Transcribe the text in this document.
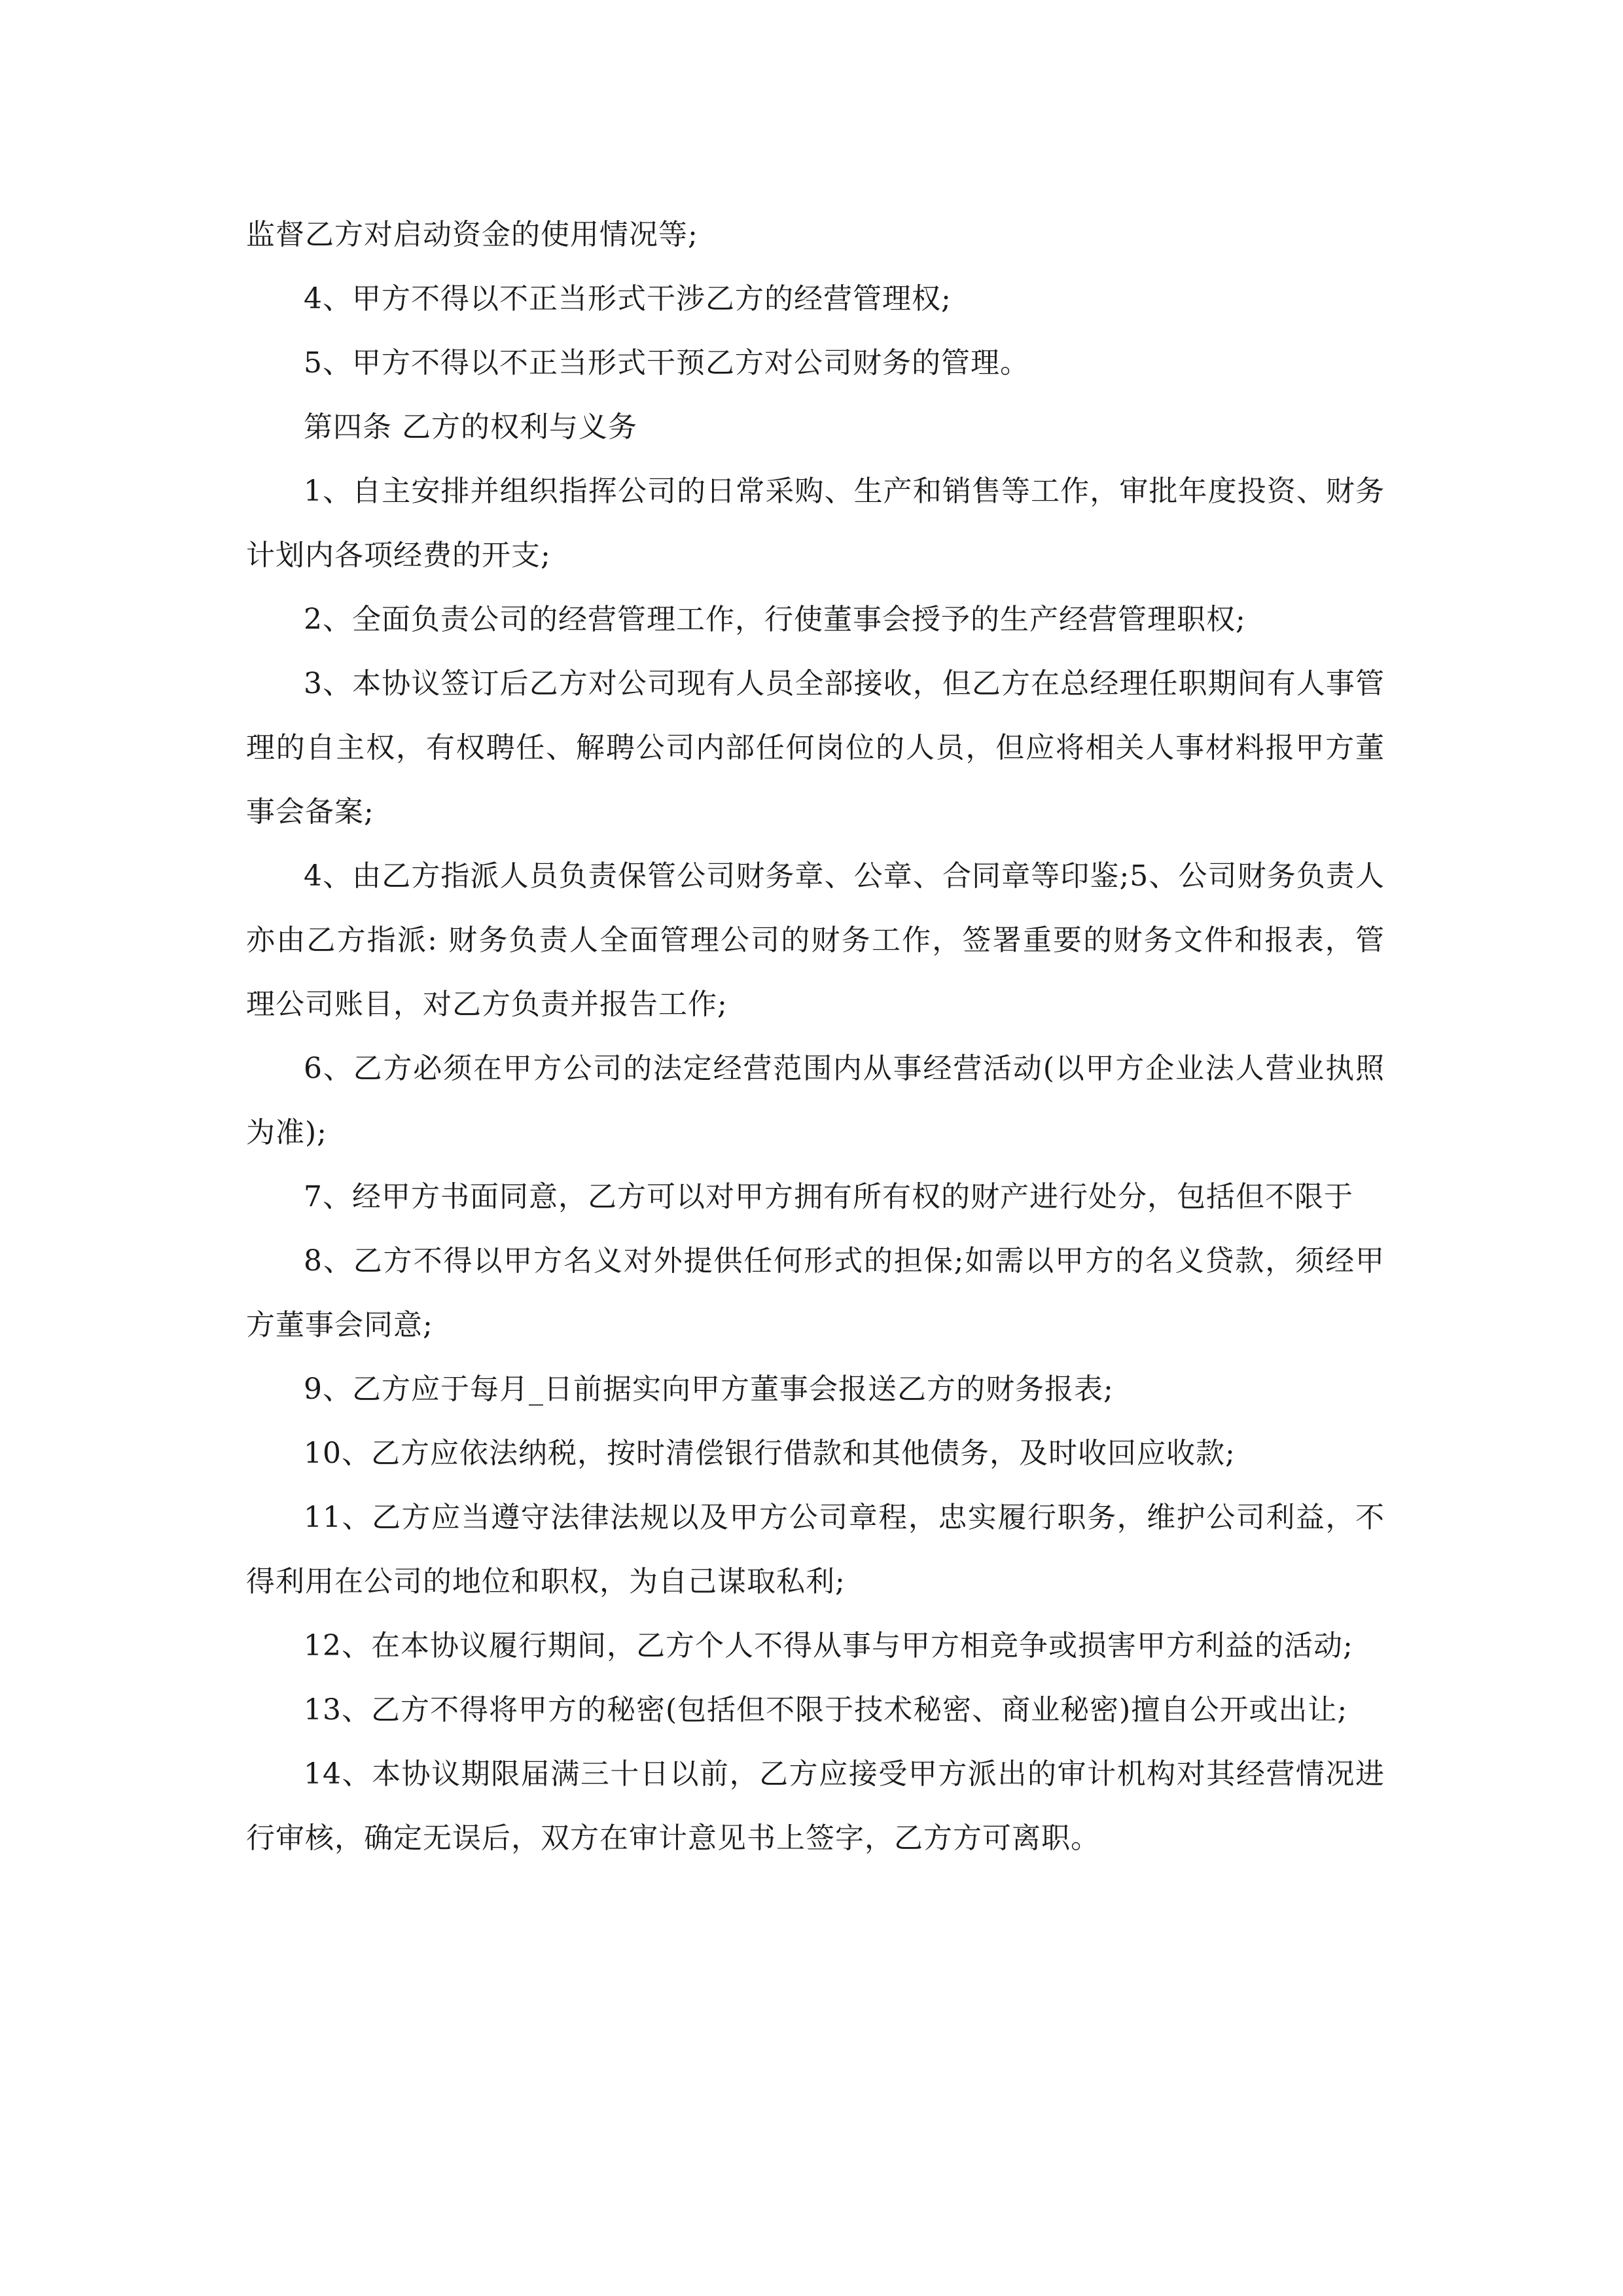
监督乙方对启动资金的使用情况等;

4、甲方不得以不正当形式干涉乙方的经营管理权;

5、甲方不得以不正当形式干预乙方对公司财务的管理。

第四条 乙方的权利与义务

1、自主安排并组织指挥公司的日常采购、生产和销售等工作，审批年度投资、财务计划内各项经费的开支;

2、全面负责公司的经营管理工作，行使董事会授予的生产经营管理职权;

3、本协议签订后乙方对公司现有人员全部接收，但乙方在总经理任职期间有人事管理的自主权，有权聘任、解聘公司内部任何岗位的人员，但应将相关人事材料报甲方董事会备案;

4、由乙方指派人员负责保管公司财务章、公章、合同章等印鉴;5、公司财务负责人亦由乙方指派: 财务负责人全面管理公司的财务工作，签署重要的财务文件和报表，管理公司账目，对乙方负责并报告工作;

6、乙方必须在甲方公司的法定经营范围内从事经营活动(以甲方企业法人营业执照为准);

7、经甲方书面同意，乙方可以对甲方拥有所有权的财产进行处分，包括但不限于

8、乙方不得以甲方名义对外提供任何形式的担保;如需以甲方的名义贷款，须经甲方董事会同意;

9、乙方应于每月_日前据实向甲方董事会报送乙方的财务报表;

10、乙方应依法纳税，按时清偿银行借款和其他债务，及时收回应收款;

11、乙方应当遵守法律法规以及甲方公司章程，忠实履行职务，维护公司利益，不得利用在公司的地位和职权，为自己谋取私利;

12、在本协议履行期间，乙方个人不得从事与甲方相竞争或损害甲方利益的活动;

13、乙方不得将甲方的秘密(包括但不限于技术秘密、商业秘密)擅自公开或出让;

14、本协议期限届满三十日以前，乙方应接受甲方派出的审计机构对其经营情况进行审核，确定无误后，双方在审计意见书上签字，乙方方可离职。
